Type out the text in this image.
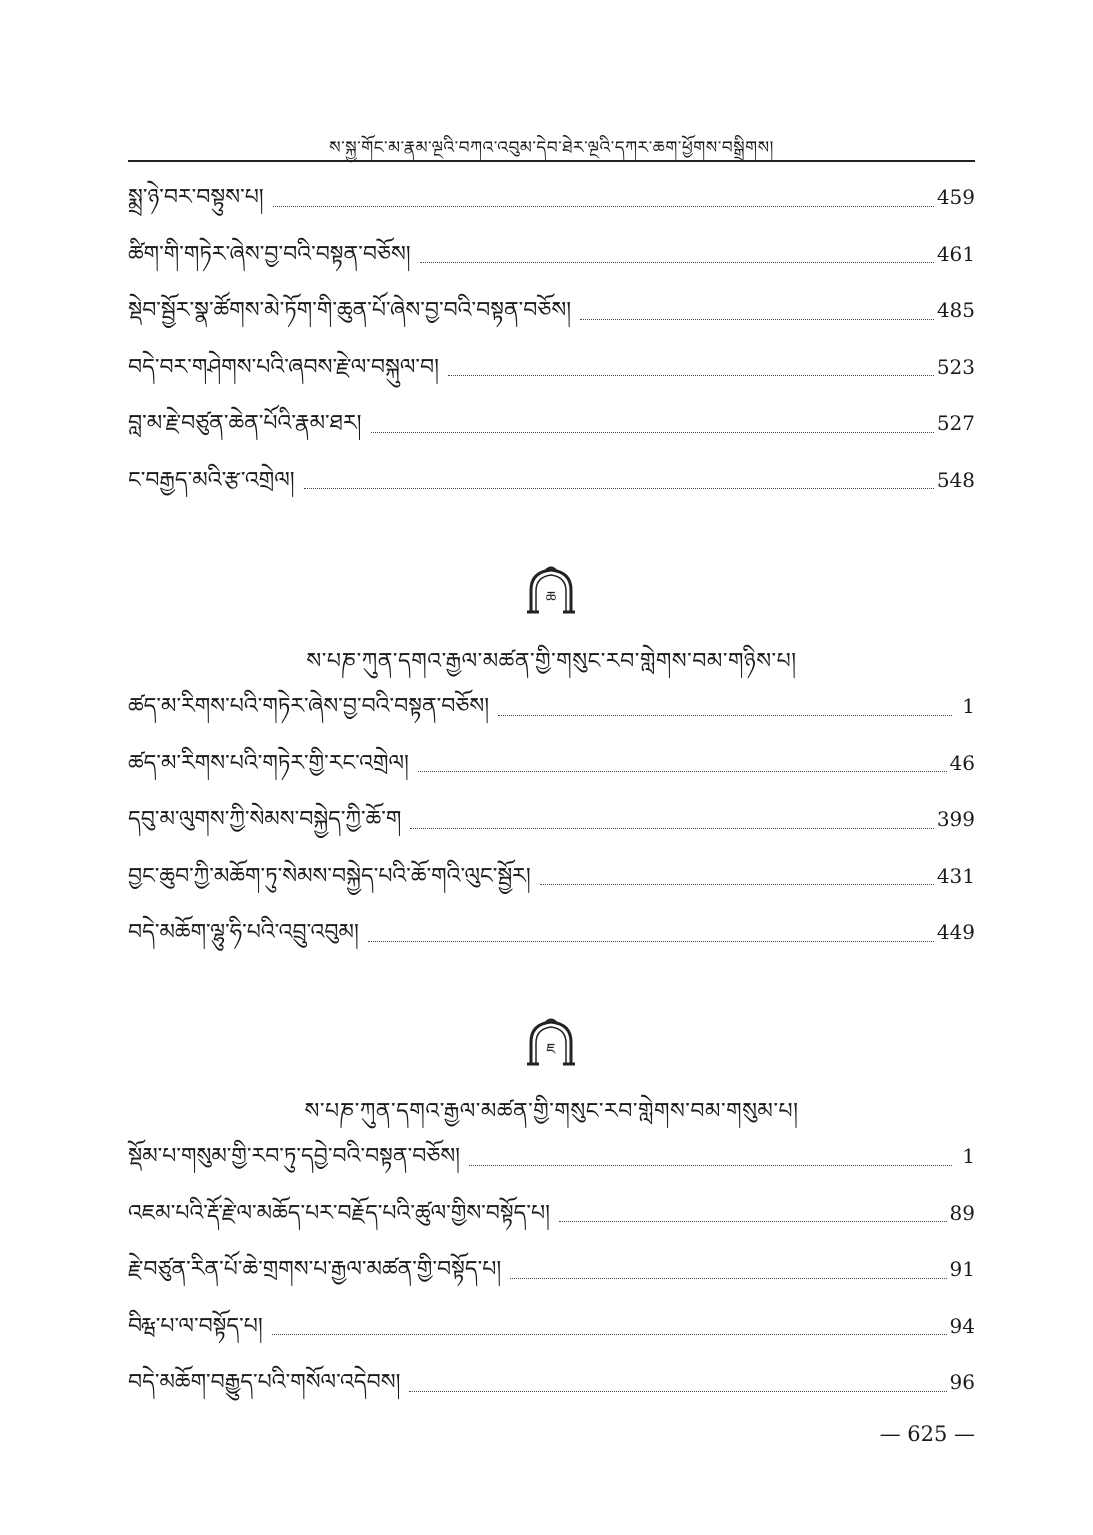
ས་སྐྱ་གོང་མ་རྣམ་ལྔའི་བཀའ་འབུམ་དེབ་ཐེར་ལྔའི་དཀར་ཆག་ཕྱོགས་བསྒྲིགས།
སྨྲ་ཉེ་བར་བསྟུས་པ།	459
ཚིག་གི་གཏེར་ཞེས་བྱ་བའི་བསྟན་བཅོས།	461
སྡེབ་སྦྱོར་སྣ་ཚོགས་མེ་ཏོག་གི་ཆུན་པོ་ཞེས་བྱ་བའི་བསྟན་བཅོས།	485
བདེ་བར་གཤེགས་པའི་ཞབས་རྗེ་ལ་བསྐུལ་བ།	523
བླ་མ་རྗེ་བཙུན་ཆེན་པོའི་རྣམ་ཐར།	527
ང་བརྒྱད་མའི་རྩ་འགྲེལ།	548
ཆ
ས་པཎ་ཀུན་དགའ་རྒྱལ་མཚན་གྱི་གསུང་རབ་གླེགས་བམ་གཉིས་པ།
ཚད་མ་རིགས་པའི་གཏེར་ཞེས་བྱ་བའི་བསྟན་བཅོས།	1
ཚད་མ་རིགས་པའི་གཏེར་གྱི་རང་འགྲེལ།	46
དབུ་མ་ལུགས་ཀྱི་སེམས་བསྐྱེད་ཀྱི་ཆོ་ག	399
བྱང་ཆུབ་ཀྱི་མཆོག་ཏུ་སེམས་བསྐྱེད་པའི་ཆོ་གའི་ལུང་སྦྱོར།	431
བདེ་མཆོག་ལྷུ་ཧི་པའི་འབྲུ་འབུམ།	449
ཇ
ས་པཎ་ཀུན་དགའ་རྒྱལ་མཚན་གྱི་གསུང་རབ་གླེགས་བམ་གསུམ་པ།
སྡོམ་པ་གསུམ་གྱི་རབ་ཏུ་དབྱེ་བའི་བསྟན་བཅོས།	1
འཇམ་པའི་རྡོ་རྗེ་ལ་མཆོད་པར་བརྗོད་པའི་ཚུལ་གྱིས་བསྟོད་པ།	89
རྗེ་བཙུན་རིན་པོ་ཆེ་གྲགས་པ་རྒྱལ་མཚན་གྱི་བསྟོད་པ།	91
བིརྺ་པ་ལ་བསྟོད་པ།	94
བདེ་མཆོག་བརྒྱུད་པའི་གསོལ་འདེབས།	96
— 625 —
